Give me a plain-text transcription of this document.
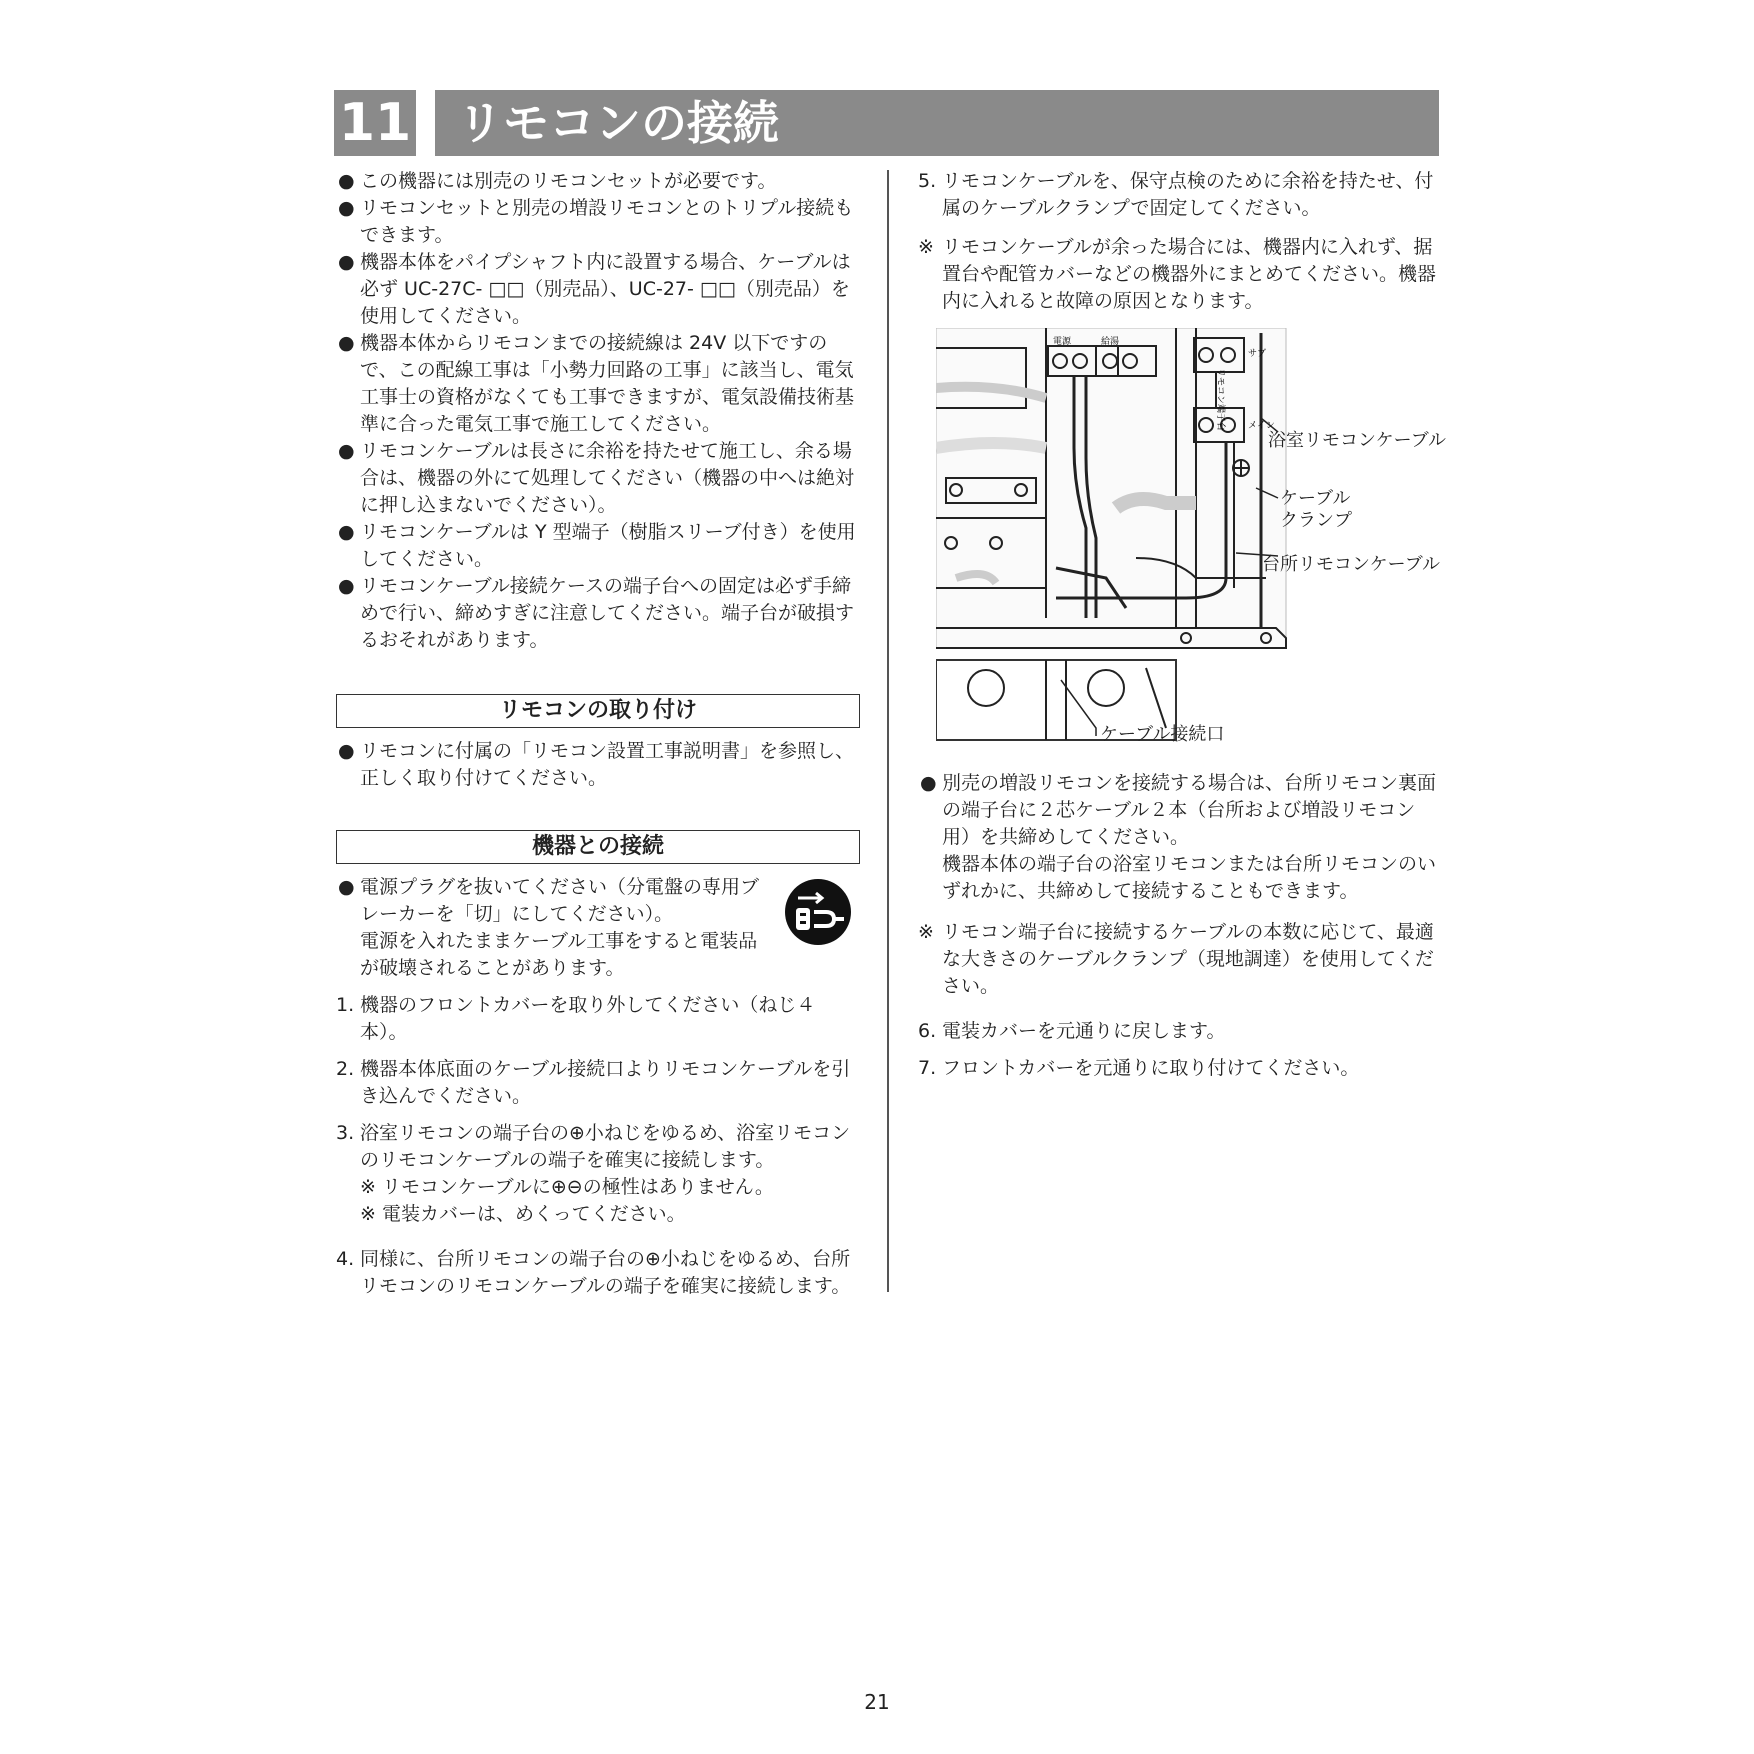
11 リモコンの接続
● この機器には別売のリモコンセットが必要です。
● リモコンセットと別売の増設リモコンとのトリプル接続もできます。
● 機器本体をパイプシャフト内に設置する場合、ケーブルは必ず UC-27C- □□（別売品）、UC-27- □□（別売品）を使用してください。
● 機器本体からリモコンまでの接続線は 24V 以下ですので、この配線工事は「小勢力回路の工事」に該当し、電気工事士の資格がなくても工事できますが、電気設備技術基準に合った電気工事で施工してください。
● リモコンケーブルは長さに余裕を持たせて施工し、余る場合は、機器の外にて処理してください（機器の中へは絶対に押し込まないでください）。
● リモコンケーブルは Y 型端子（樹脂スリーブ付き）を使用してください。
● リモコンケーブル接続ケースの端子台への固定は必ず手締めで行い、締めすぎに注意してください。端子台が破損するおそれがあります。
リモコンの取り付け
● リモコンに付属の「リモコン設置工事説明書」を参照し、正しく取り付けてください。
機器との接続
● 電源プラグを抜いてください（分電盤の専用ブレーカーを「切」にしてください）。
電源を入れたままケーブル工事をすると電装品が破壊されることがあります。
1. 機器のフロントカバーを取り外してください（ねじ４本）。
2. 機器本体底面のケーブル接続口よりリモコンケーブルを引き込んでください。
3. 浴室リモコンの端子台の⊕小ねじをゆるめ、浴室リモコンのリモコンケーブルの端子を確実に接続します。
※ リモコンケーブルに⊕⊖の極性はありません。
※ 電装カバーは、めくってください。
4. 同様に、台所リモコンの端子台の⊕小ねじをゆるめ、台所リモコンのリモコンケーブルの端子を確実に接続します。
5. リモコンケーブルを、保守点検のために余裕を持たせ、付属のケーブルクランプで固定してください。
※ リモコンケーブルが余った場合には、機器内に入れず、据置台や配管カバーなどの機器外にまとめてください。機器内に入れると故障の原因となります。
電源	給湯
サブ
リモコン端子台	メイン
浴室リモコンケーブル
ケーブル
クランプ
台所リモコンケーブル
ケーブル接続口
● 別売の増設リモコンを接続する場合は、台所リモコン裏面の端子台に２芯ケーブル２本（台所および増設リモコン用）を共締めしてください。
機器本体の端子台の浴室リモコンまたは台所リモコンのいずれかに、共締めして接続することもできます。
※ リモコン端子台に接続するケーブルの本数に応じて、最適な大きさのケーブルクランプ（現地調達）を使用してください。
6. 電装カバーを元通りに戻します。
7. フロントカバーを元通りに取り付けてください。
21
